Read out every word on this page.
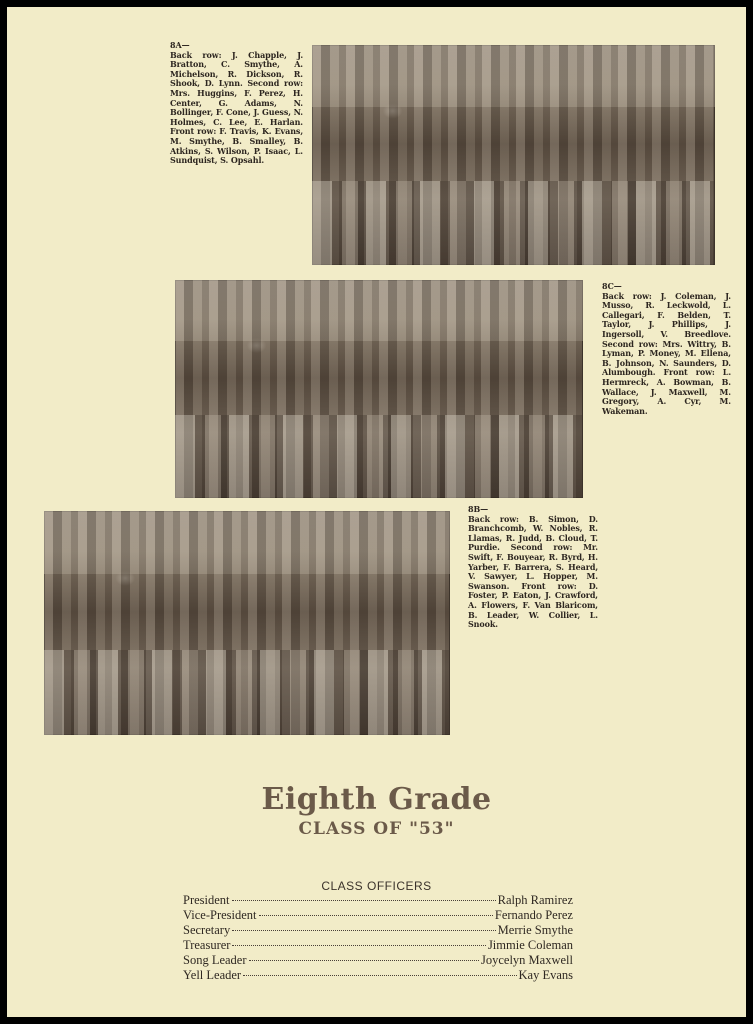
8A—
Back row: J. Chapple, J. Bratton, C. Smythe, A. Michelson, R. Dickson, R. Shook, D. Lynn. Second row: Mrs. Huggins, F. Perez, H. Center, G. Adams, N. Bollinger, F. Cone, J. Guess, N. Holmes, C. Lee, E. Harlan. Front row: F. Travis, K. Evans, M. Smythe, B. Smalley, B. Atkins, S. Wilson, P. Isaac, L. Sundquist, S. Opsahl.
8C—
Back row: J. Coleman, J. Musso, R. Leckwold, L. Callegari, F. Belden, T. Taylor, J. Phillips, J. Ingersoll, V. Breedlove. Second row: Mrs. Wittry, B. Lyman, P. Money, M. Ellena, B. Johnson, N. Saunders, D. Alumbough. Front row: L. Hermreck, A. Bowman, B. Wallace, J. Maxwell, M. Gregory, A. Cyr, M. Wakeman.
8B—
Back row: B. Simon, D. Branchcomb, W. Nobles, R. Llamas, R. Judd, B. Cloud, T. Purdie. Second row: Mr. Swift, F. Bouyear, R. Byrd, H. Yarber, F. Barrera, S. Heard, V. Sawyer, L. Hopper, M. Swanson. Front row: D. Foster, P. Eaton, J. Crawford, A. Flowers, F. Van Blaricom, B. Leader, W. Collier, L. Snook.
Eighth Grade
CLASS OF "53"
CLASS OFFICERS
President	Ralph Ramirez
Vice-President	Fernando Perez
Secretary	Merrie Smythe
Treasurer	Jimmie Coleman
Song Leader	Joycelyn Maxwell
Yell Leader	Kay Evans
